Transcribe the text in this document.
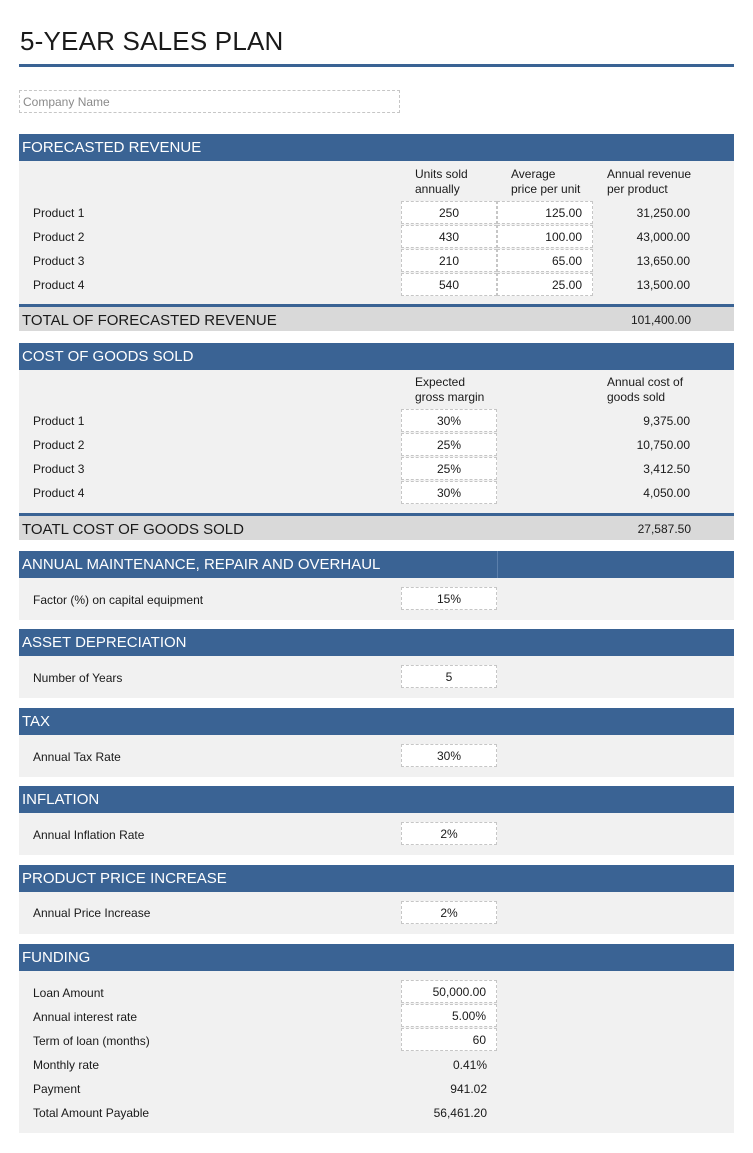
5-YEAR SALES PLAN
Company Name
FORECASTED REVENUE
Units sold
annually
Average
price per unit
Annual revenue
per product
Product 1	250	125.00	31,250.00
Product 2	430	100.00	43,000.00
Product 3	210	65.00	13,650.00
Product 4	540	25.00	13,500.00
TOTAL OF FORECASTED REVENUE	101,400.00
COST OF GOODS SOLD
Expected
gross margin
Annual cost of
goods sold
Product 1	30%	9,375.00
Product 2	25%	10,750.00
Product 3	25%	3,412.50
Product 4	30%	4,050.00
TOATL COST OF GOODS SOLD	27,587.50
ANNUAL MAINTENANCE, REPAIR AND OVERHAUL
Factor (%) on capital equipment	15%
ASSET DEPRECIATION
Number of Years	5
TAX
Annual Tax Rate	30%
INFLATION
Annual Inflation Rate	2%
PRODUCT PRICE INCREASE
Annual Price Increase	2%
FUNDING
Loan Amount	50,000.00
Annual interest rate	5.00%
Term of loan (months)	60
Monthly rate	0.41%
Payment	941.02
Total Amount Payable	56,461.20
